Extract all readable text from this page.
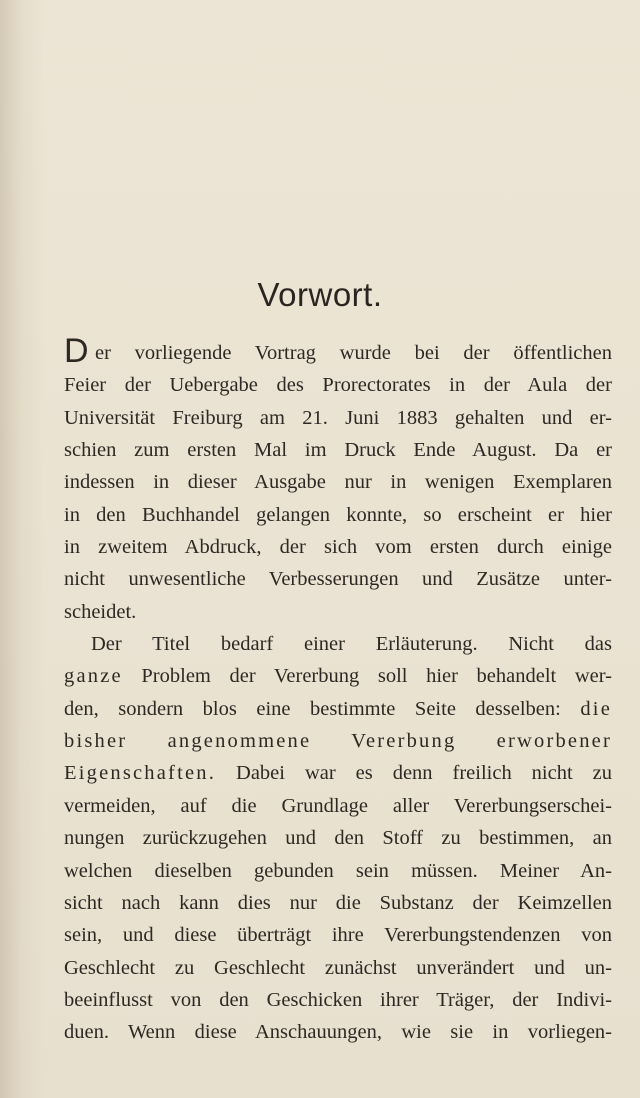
Vorwort.
D er vorliegende Vortrag wurde bei der öffentlichen
Feier der Uebergabe des Prorectorates in der Aula der
Universität Freiburg am 21. Juni 1883 gehalten und er-
schien zum ersten Mal im Druck Ende August. Da er
indessen in dieser Ausgabe nur in wenigen Exemplaren
in den Buchhandel gelangen konnte, so erscheint er hier
in zweitem Abdruck, der sich vom ersten durch einige
nicht unwesentliche Verbesserungen und Zusätze unter-
scheidet.
Der Titel bedarf einer Erläuterung. Nicht das
ganze Problem der Vererbung soll hier behandelt wer-
den, sondern blos eine bestimmte Seite desselben: die
bisher angenommene Vererbung erworbener
Eigenschaften. Dabei war es denn freilich nicht zu
vermeiden, auf die Grundlage aller Vererbungserschei-
nungen zurückzugehen und den Stoff zu bestimmen, an
welchen dieselben gebunden sein müssen. Meiner An-
sicht nach kann dies nur die Substanz der Keimzellen
sein, und diese überträgt ihre Vererbungstendenzen von
Geschlecht zu Geschlecht zunächst unverändert und un-
beeinflusst von den Geschicken ihrer Träger, der Indivi-
duen. Wenn diese Anschauungen, wie sie in vorliegen-
